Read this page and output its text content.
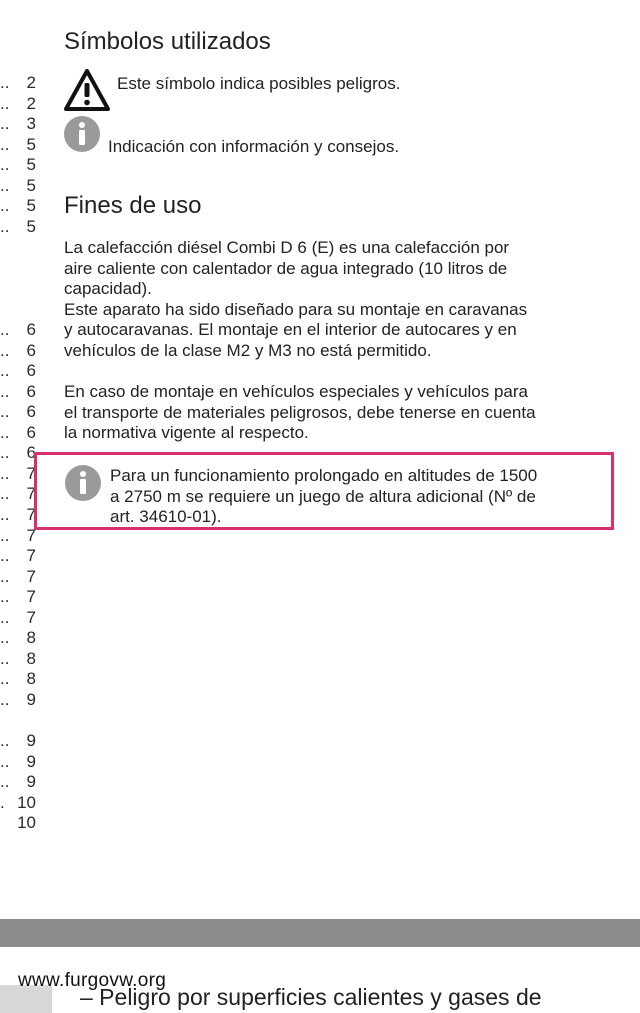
.. 2
.. 2
.. 3
.. 5
.. 5
.. 5
.. 5
.. 5
.. 6
.. 6
.. 6
.. 6
.. 6
.. 6
.. 6
.. 7
.. 7
.. 7
.. 7
.. 7
.. 7
.. 7
.. 7
.. 8
.. 8
.. 8
.. 9
.. 9
.. 9
.. 9
. 10
10
Símbolos utilizados
Este símbolo indica posibles peligros.
Indicación con información y consejos.
Fines de uso

La calefacción diésel Combi D 6 (E) es una calefacción por
aire caliente con calentador de agua integrado (10 litros de
capacidad).
Este aparato ha sido diseñado para su montaje en caravanas
y autocaravanas. El montaje en el interior de autocares y en
vehículos de la clase M2 y M3 no está permitido.

En caso de montaje en vehículos especiales y vehículos para
el transporte de materiales peligrosos, debe tenerse en cuenta
la normativa vigente al respecto.

Para un funcionamiento prolongado en altitudes de 1500
a 2750 m se requiere un juego de altura adicional (Nº de
art. 34610-01).

– Peligro por superficies calientes y gases de
www.furgovw.org
